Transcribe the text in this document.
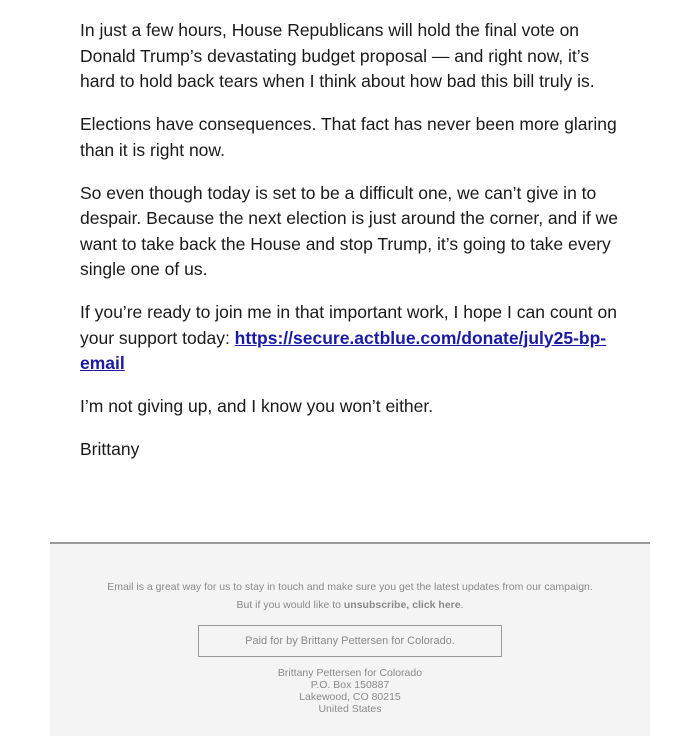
In just a few hours, House Republicans will hold the final vote on Donald Trump’s devastating budget proposal — and right now, it’s hard to hold back tears when I think about how bad this bill truly is.

Elections have consequences. That fact has never been more glaring than it is right now.

So even though today is set to be a difficult one, we can’t give in to despair. Because the next election is just around the corner, and if we want to take back the House and stop Trump, it’s going to take every single one of us.

If you’re ready to join me in that important work, I hope I can count on your support today: https://secure.actblue.com/donate/july25-bp-email

I’m not giving up, and I know you won’t either.

Brittany

Email is a great way for us to stay in touch and make sure you get the latest updates from our campaign.
But if you would like to unsubscribe, click here.
Paid for by Brittany Pettersen for Colorado.
Brittany Pettersen for Colorado
P.O. Box 150887
Lakewood, CO 80215
United States
